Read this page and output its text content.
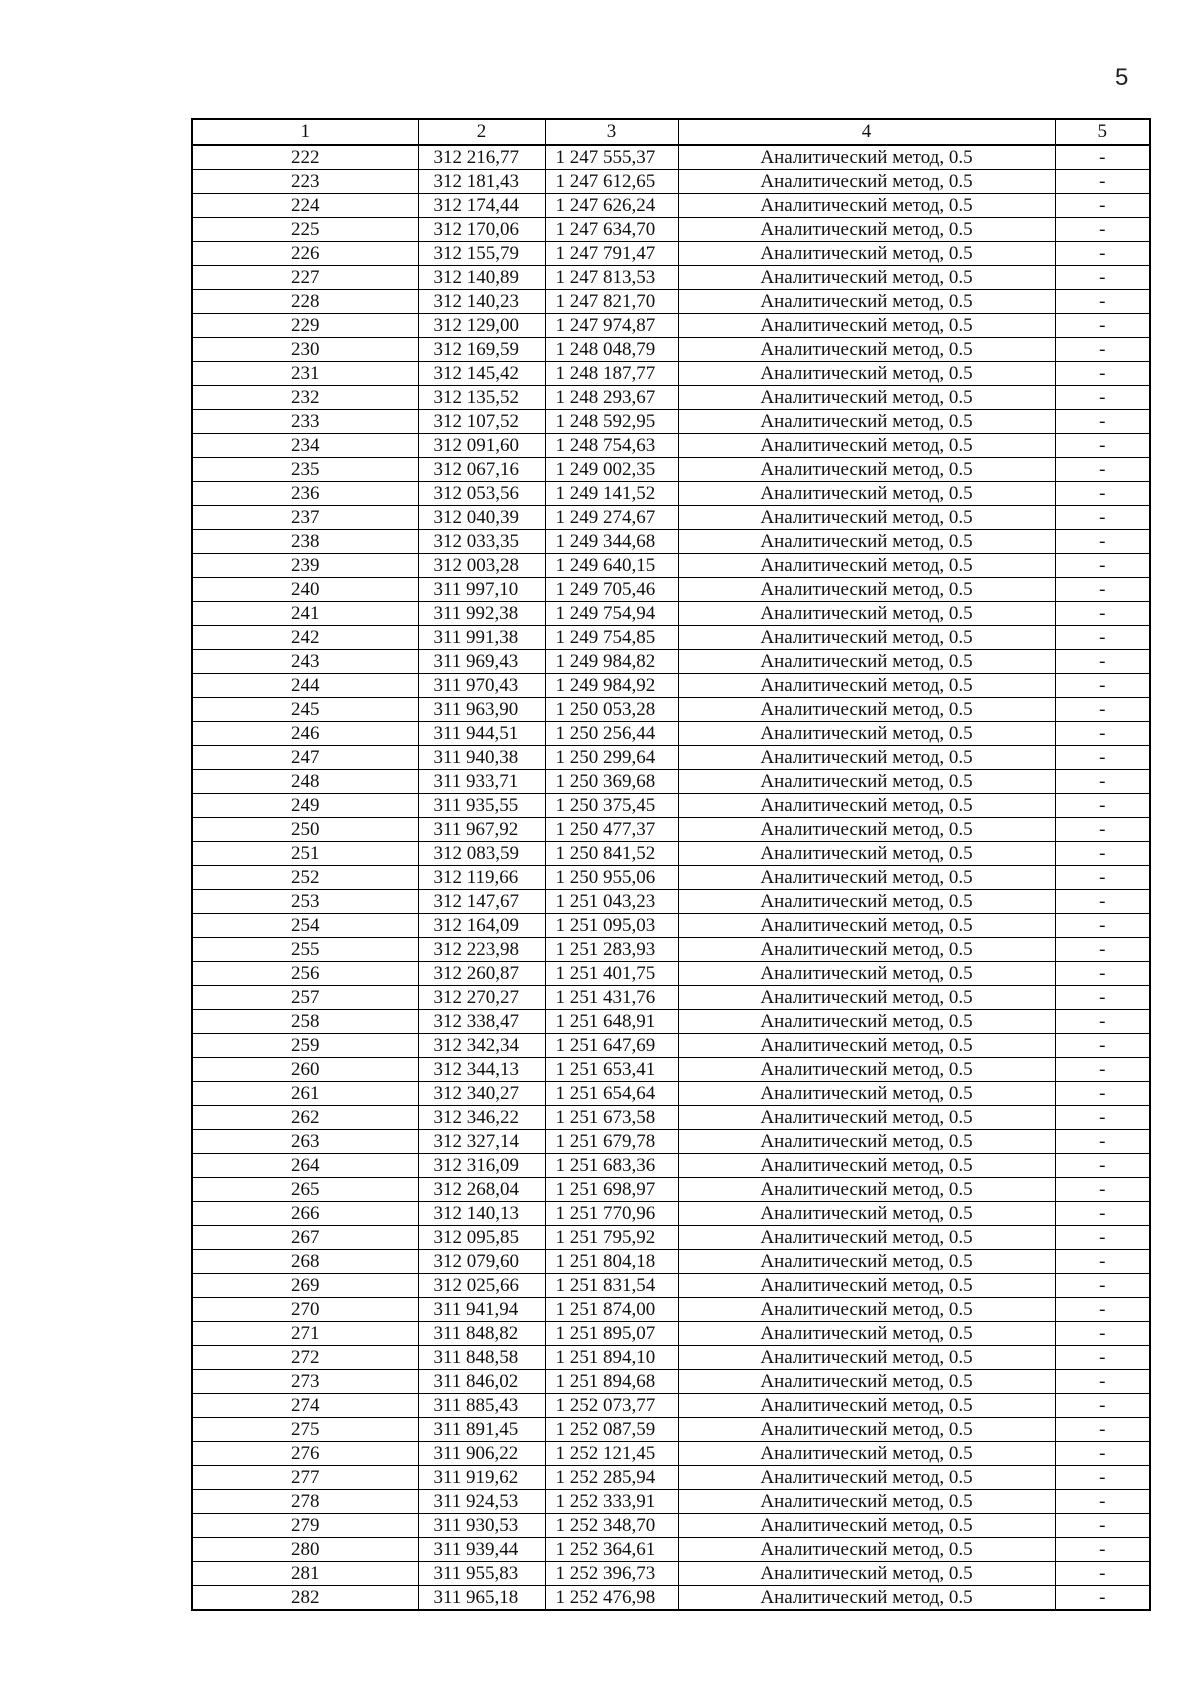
5
1	2	3	4	5
222	312 216,77	1 247 555,37	Аналитический метод, 0.5	-
223	312 181,43	1 247 612,65	Аналитический метод, 0.5	-
224	312 174,44	1 247 626,24	Аналитический метод, 0.5	-
225	312 170,06	1 247 634,70	Аналитический метод, 0.5	-
226	312 155,79	1 247 791,47	Аналитический метод, 0.5	-
227	312 140,89	1 247 813,53	Аналитический метод, 0.5	-
228	312 140,23	1 247 821,70	Аналитический метод, 0.5	-
229	312 129,00	1 247 974,87	Аналитический метод, 0.5	-
230	312 169,59	1 248 048,79	Аналитический метод, 0.5	-
231	312 145,42	1 248 187,77	Аналитический метод, 0.5	-
232	312 135,52	1 248 293,67	Аналитический метод, 0.5	-
233	312 107,52	1 248 592,95	Аналитический метод, 0.5	-
234	312 091,60	1 248 754,63	Аналитический метод, 0.5	-
235	312 067,16	1 249 002,35	Аналитический метод, 0.5	-
236	312 053,56	1 249 141,52	Аналитический метод, 0.5	-
237	312 040,39	1 249 274,67	Аналитический метод, 0.5	-
238	312 033,35	1 249 344,68	Аналитический метод, 0.5	-
239	312 003,28	1 249 640,15	Аналитический метод, 0.5	-
240	311 997,10	1 249 705,46	Аналитический метод, 0.5	-
241	311 992,38	1 249 754,94	Аналитический метод, 0.5	-
242	311 991,38	1 249 754,85	Аналитический метод, 0.5	-
243	311 969,43	1 249 984,82	Аналитический метод, 0.5	-
244	311 970,43	1 249 984,92	Аналитический метод, 0.5	-
245	311 963,90	1 250 053,28	Аналитический метод, 0.5	-
246	311 944,51	1 250 256,44	Аналитический метод, 0.5	-
247	311 940,38	1 250 299,64	Аналитический метод, 0.5	-
248	311 933,71	1 250 369,68	Аналитический метод, 0.5	-
249	311 935,55	1 250 375,45	Аналитический метод, 0.5	-
250	311 967,92	1 250 477,37	Аналитический метод, 0.5	-
251	312 083,59	1 250 841,52	Аналитический метод, 0.5	-
252	312 119,66	1 250 955,06	Аналитический метод, 0.5	-
253	312 147,67	1 251 043,23	Аналитический метод, 0.5	-
254	312 164,09	1 251 095,03	Аналитический метод, 0.5	-
255	312 223,98	1 251 283,93	Аналитический метод, 0.5	-
256	312 260,87	1 251 401,75	Аналитический метод, 0.5	-
257	312 270,27	1 251 431,76	Аналитический метод, 0.5	-
258	312 338,47	1 251 648,91	Аналитический метод, 0.5	-
259	312 342,34	1 251 647,69	Аналитический метод, 0.5	-
260	312 344,13	1 251 653,41	Аналитический метод, 0.5	-
261	312 340,27	1 251 654,64	Аналитический метод, 0.5	-
262	312 346,22	1 251 673,58	Аналитический метод, 0.5	-
263	312 327,14	1 251 679,78	Аналитический метод, 0.5	-
264	312 316,09	1 251 683,36	Аналитический метод, 0.5	-
265	312 268,04	1 251 698,97	Аналитический метод, 0.5	-
266	312 140,13	1 251 770,96	Аналитический метод, 0.5	-
267	312 095,85	1 251 795,92	Аналитический метод, 0.5	-
268	312 079,60	1 251 804,18	Аналитический метод, 0.5	-
269	312 025,66	1 251 831,54	Аналитический метод, 0.5	-
270	311 941,94	1 251 874,00	Аналитический метод, 0.5	-
271	311 848,82	1 251 895,07	Аналитический метод, 0.5	-
272	311 848,58	1 251 894,10	Аналитический метод, 0.5	-
273	311 846,02	1 251 894,68	Аналитический метод, 0.5	-
274	311 885,43	1 252 073,77	Аналитический метод, 0.5	-
275	311 891,45	1 252 087,59	Аналитический метод, 0.5	-
276	311 906,22	1 252 121,45	Аналитический метод, 0.5	-
277	311 919,62	1 252 285,94	Аналитический метод, 0.5	-
278	311 924,53	1 252 333,91	Аналитический метод, 0.5	-
279	311 930,53	1 252 348,70	Аналитический метод, 0.5	-
280	311 939,44	1 252 364,61	Аналитический метод, 0.5	-
281	311 955,83	1 252 396,73	Аналитический метод, 0.5	-
282	311 965,18	1 252 476,98	Аналитический метод, 0.5	-
